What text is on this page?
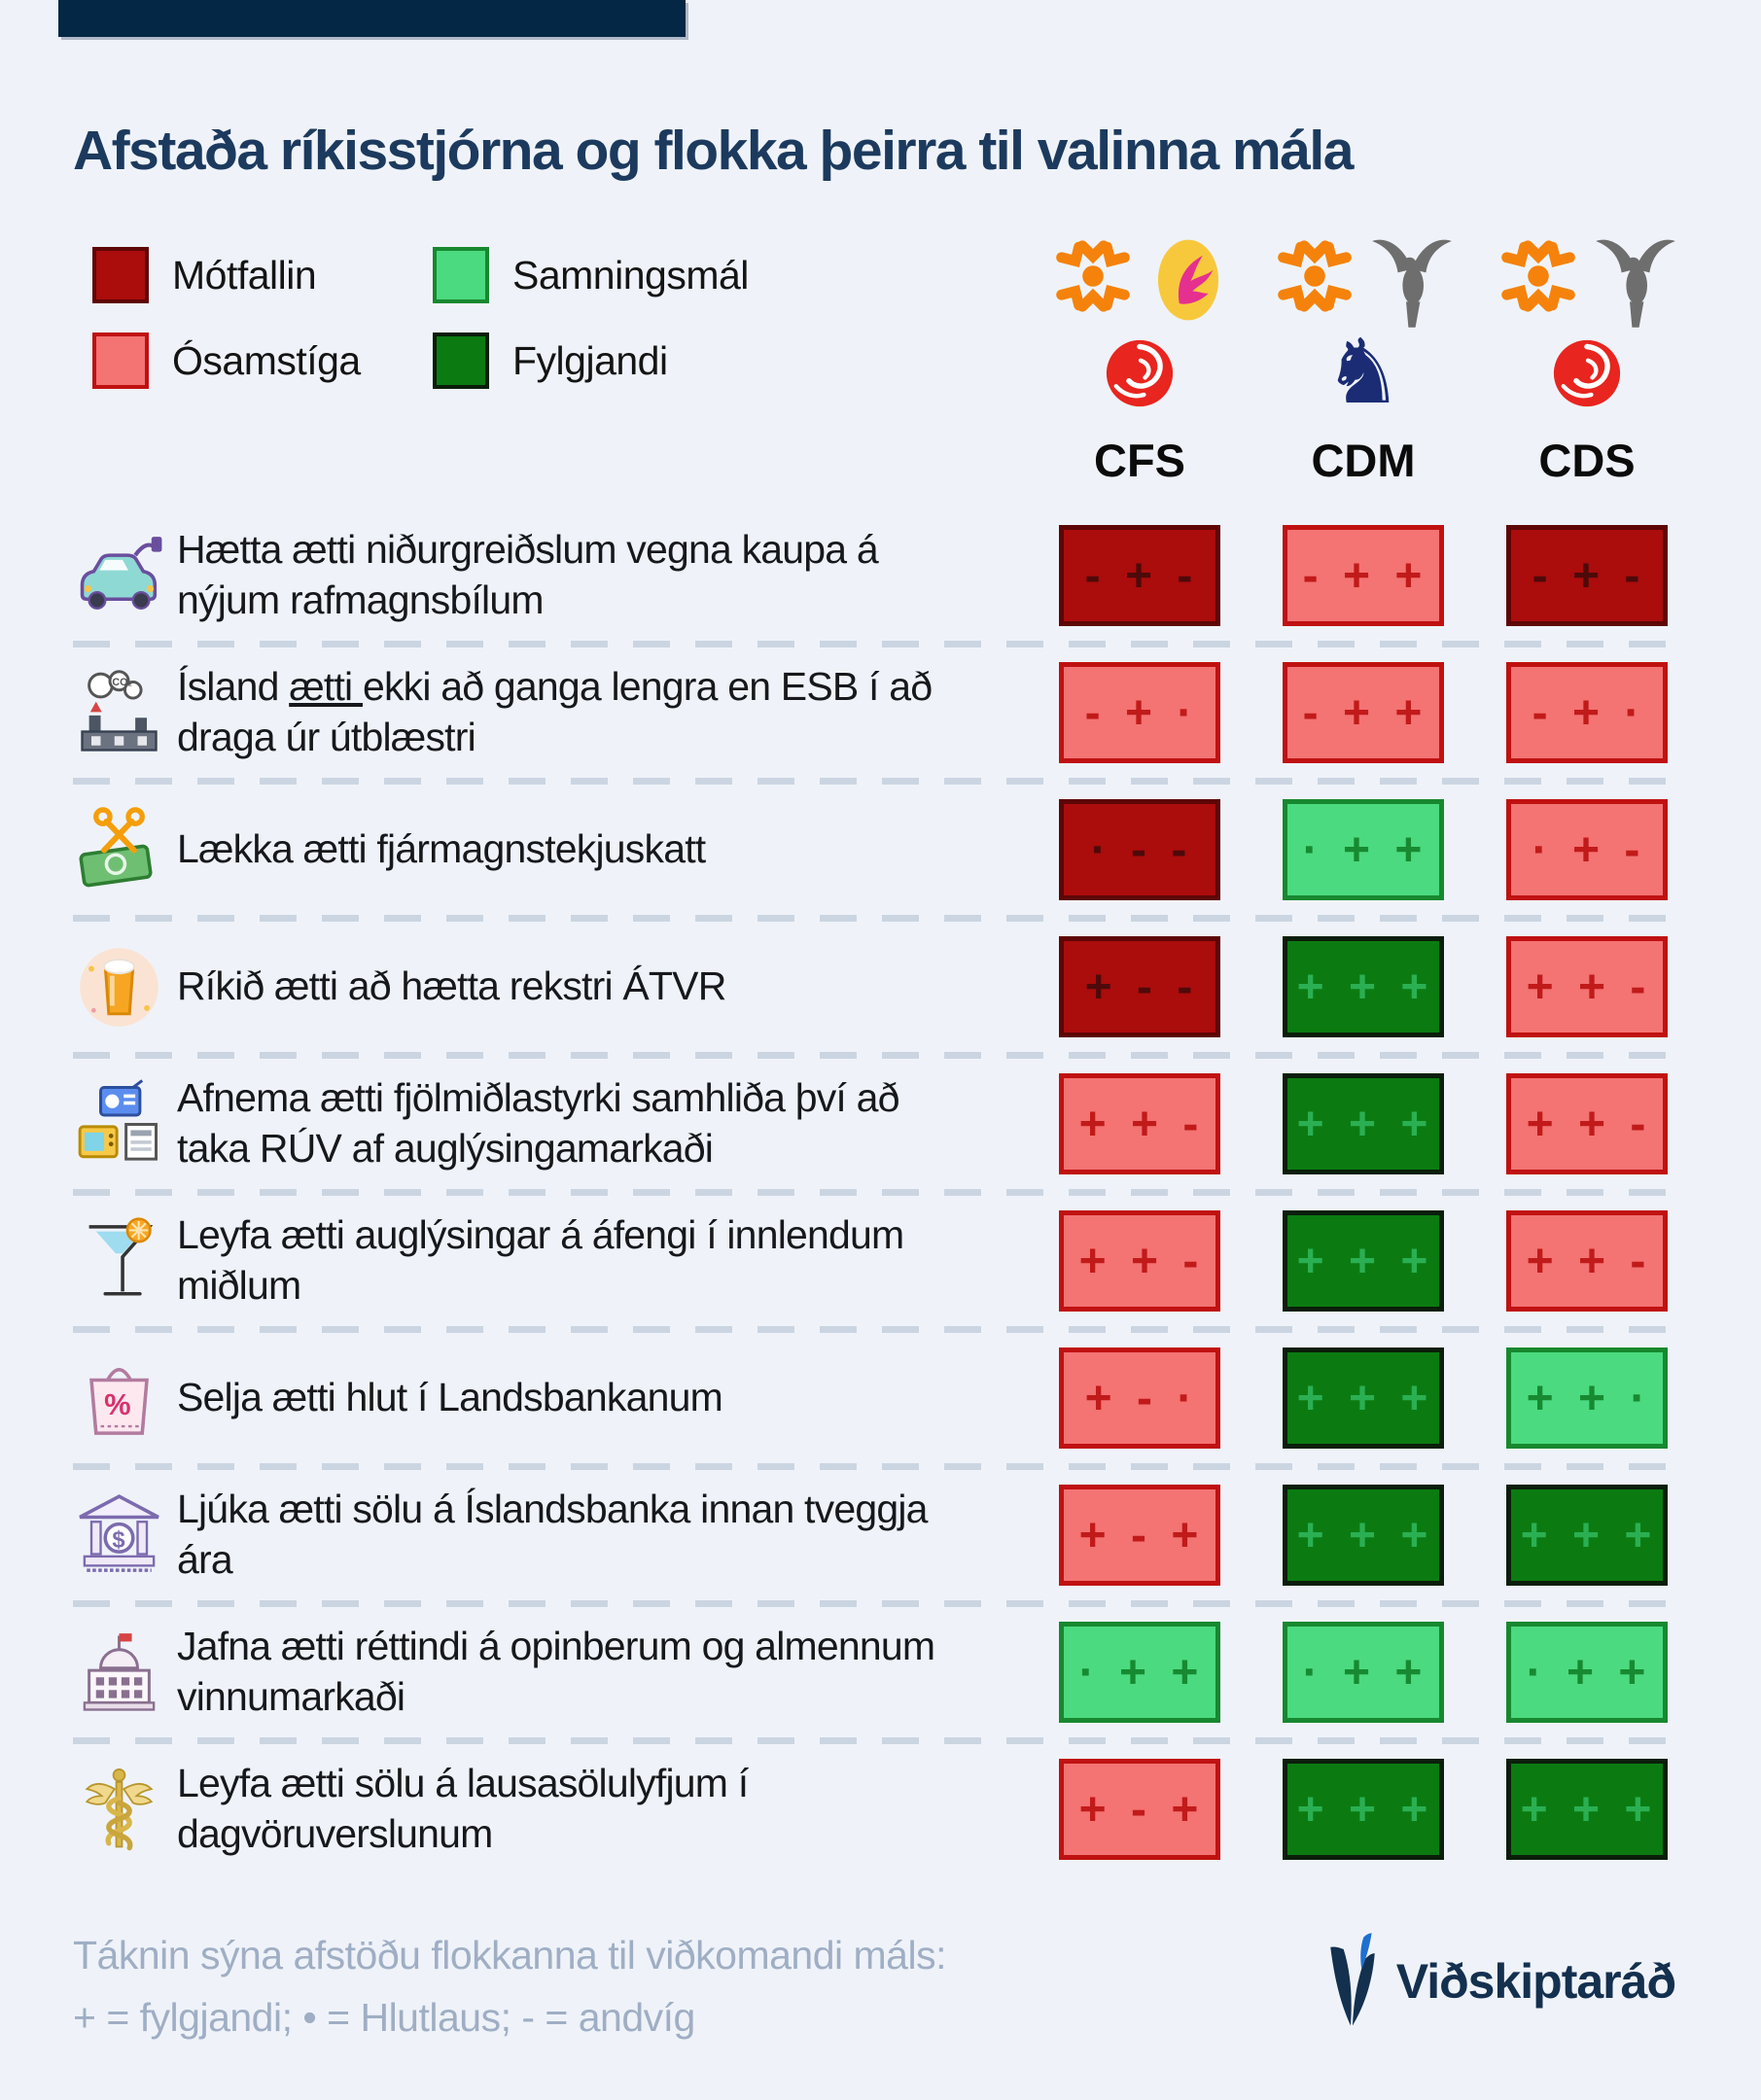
Afstaða ríkisstjórna og flokka þeirra til valinna mála
Mótfallin	Samningsmál
Ósamstíga	Fylgjandi
CFS
♞
CDM	CDS
Hætta ætti niðurgreiðslum vegna kaupa á nýjum rafmagnsbílum	- + -	- + +	- + -
CO₂ Ísland ætti ekki að ganga lengra en ESB í að draga úr útblæstri	- + ·	- + +	- + ·
Lækka ætti fjármagnstekjuskatt	· - -	· + +	· + -
Ríkið ætti að hætta rekstri ÁTVR	+ - -	+ + +	+ + -
Afnema ætti fjölmiðlastyrki samhliða því að taka RÚV af auglýsingamarkaði	+ + -	+ + +	+ + -
Leyfa ætti auglýsingar á áfengi í innlendum miðlum	+ + -	+ + +	+ + -
% Selja ætti hlut í Landsbankanum	+ - ·	+ + +	+ + ·
$
Ljúka ætti sölu á Íslandsbanka innan tveggja ára	+ - +	+ + +	+ + +
Jafna ætti réttindi á opinberum og almennum vinnumarkaði	· + +	· + +	· + +
Leyfa ætti sölu á lausasölulyfjum í dagvöruverslunum	+ - +	+ + +	+ + +
Táknin sýna afstöðu flokkanna til viðkomandi máls:
+ = fylgjandi; • = Hlutlaus; - = andvíg
Viðskiptaráð
